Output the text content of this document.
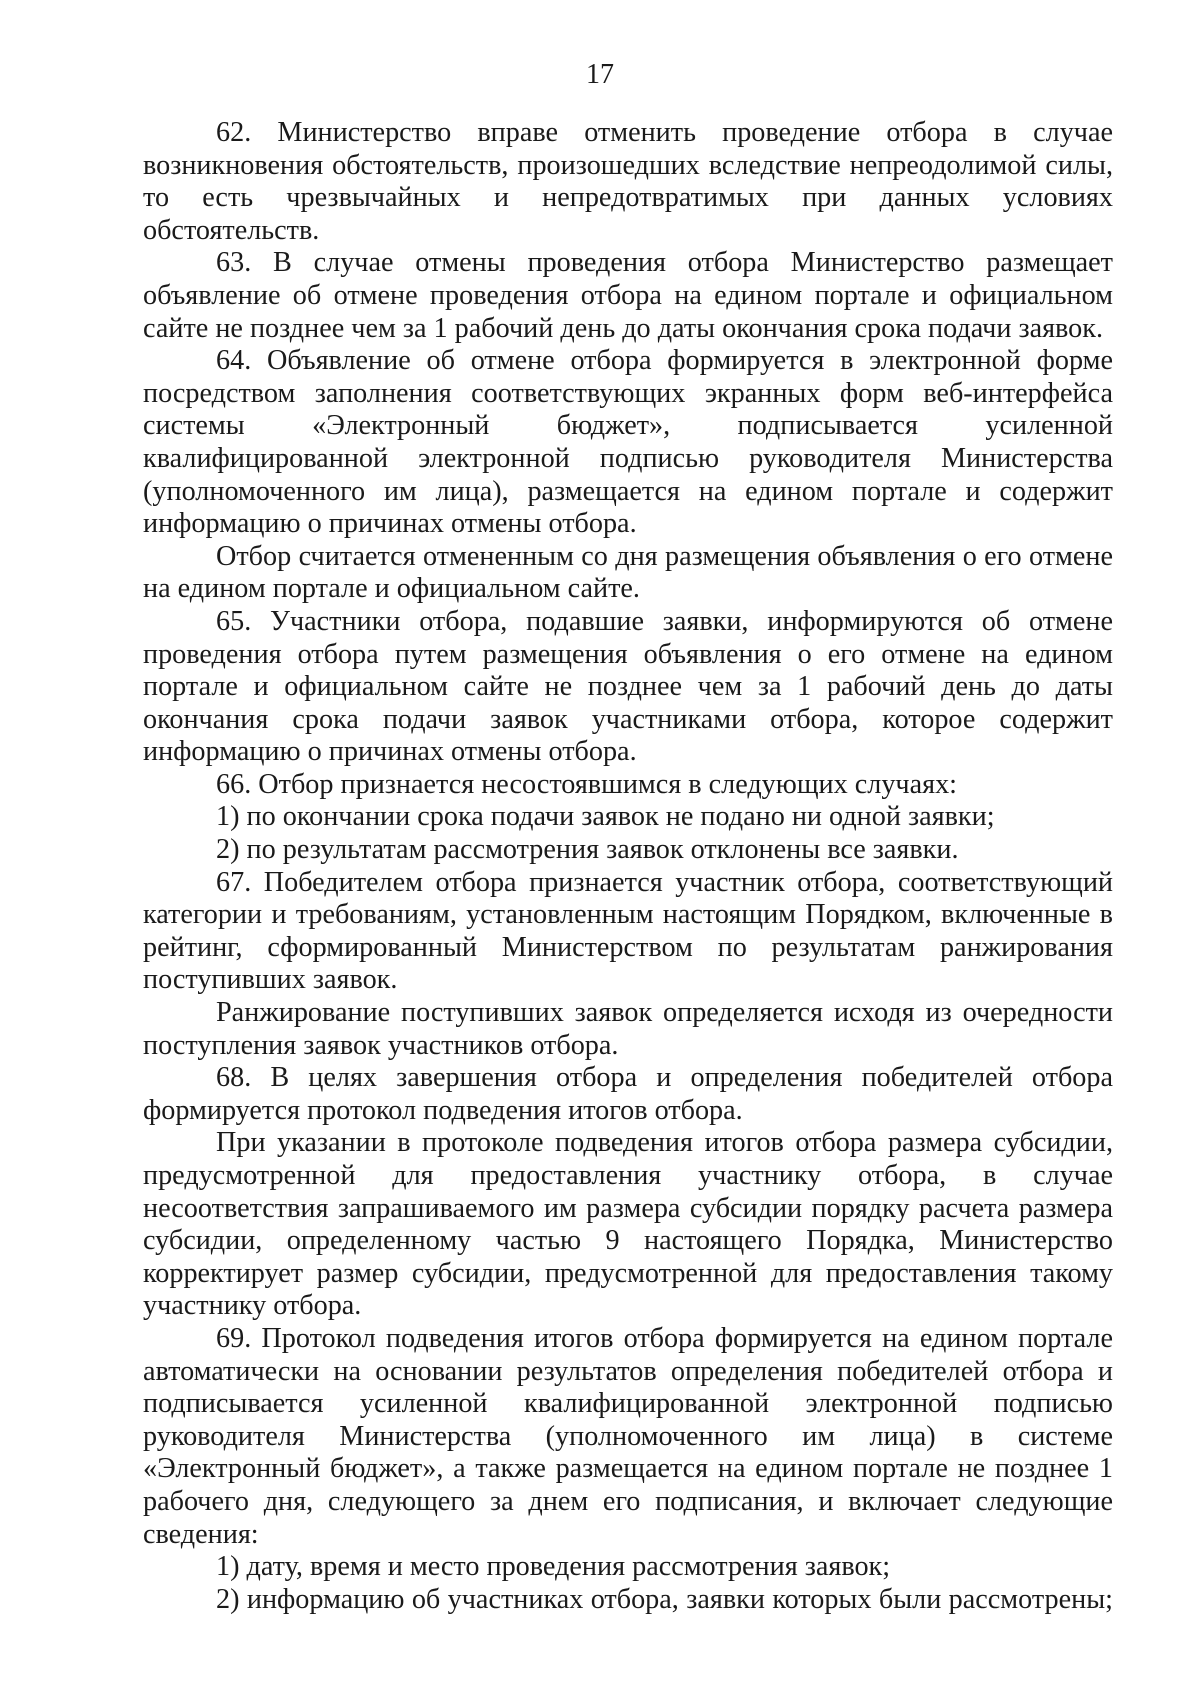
17

62. Министерство вправе отменить проведение отбора в случае возникновения обстоятельств, произошедших вследствие непреодолимой силы, то есть чрезвычайных и непредотвратимых при данных условиях обстоятельств.

63. В случае отмены проведения отбора Министерство размещает объявление об отмене проведения отбора на едином портале и официальном сайте не позднее чем за 1 рабочий день до даты окончания срока подачи заявок.

64. Объявление об отмене отбора формируется в электронной форме посредством заполнения соответствующих экранных форм веб-интерфейса системы «Электронный бюджет», подписывается усиленной квалифицированной электронной подписью руководителя Министерства (уполномоченного им лица), размещается на едином портале и содержит информацию о причинах отмены отбора.

Отбор считается отмененным со дня размещения объявления о его отмене на едином портале и официальном сайте.

65. Участники отбора, подавшие заявки, информируются об отмене проведения отбора путем размещения объявления о его отмене на едином портале и официальном сайте не позднее чем за 1 рабочий день до даты окончания срока подачи заявок участниками отбора, которое содержит информацию о причинах отмены отбора.

66. Отбор признается несостоявшимся в следующих случаях:

1) по окончании срока подачи заявок не подано ни одной заявки;

2) по результатам рассмотрения заявок отклонены все заявки.

67. Победителем отбора признается участник отбора, соответствующий категории и требованиям, установленным настоящим Порядком, включенные в рейтинг, сформированный Министерством по результатам ранжирования поступивших заявок.

Ранжирование поступивших заявок определяется исходя из очередности поступления заявок участников отбора.

68. В целях завершения отбора и определения победителей отбора формируется протокол подведения итогов отбора.

При указании в протоколе подведения итогов отбора размера субсидии, предусмотренной для предоставления участнику отбора, в случае несоответствия запрашиваемого им размера субсидии порядку расчета размера субсидии, определенному частью 9 настоящего Порядка, Министерство корректирует размер субсидии, предусмотренной для предоставления такому участнику отбора.

69. Протокол подведения итогов отбора формируется на едином портале автоматически на основании результатов определения победителей отбора и подписывается усиленной квалифицированной электронной подписью руководителя Министерства (уполномоченного им лица) в системе «Электронный бюджет», а также размещается на едином портале не позднее 1 рабочего дня, следующего за днем его подписания, и включает следующие сведения:

1) дату, время и место проведения рассмотрения заявок;

2) информацию об участниках отбора, заявки которых были рассмотрены;
